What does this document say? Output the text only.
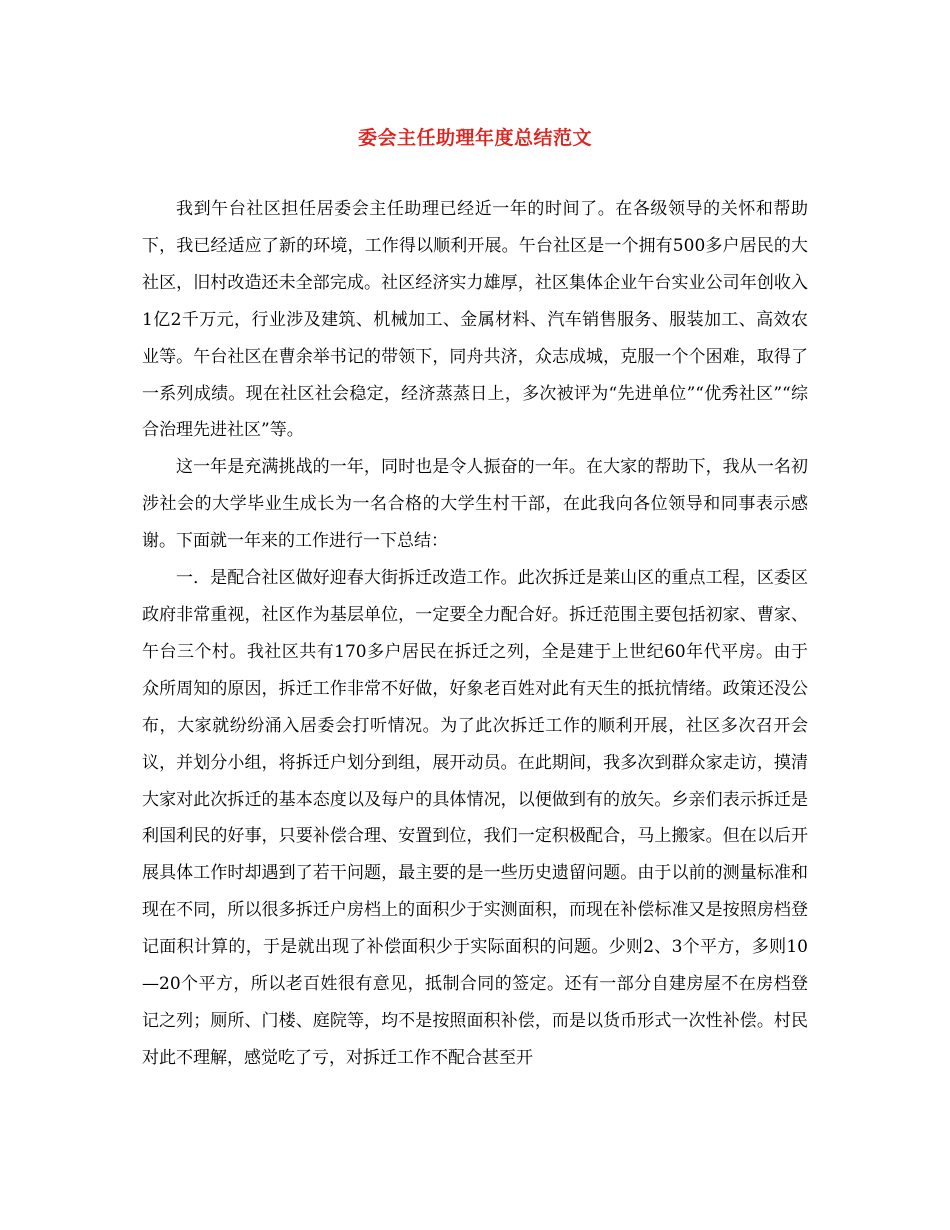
委会主任助理年度总结范文

我到午台社区担任居委会主任助理已经近一年的时间了。在各级领导的关怀和帮助下，我已经适应了新的环境，工作得以顺利开展。午台社区是一个拥有500多户居民的大社区，旧村改造还未全部完成。社区经济实力雄厚，社区集体企业午台实业公司年创收入1亿2千万元，行业涉及建筑、机械加工、金属材料、汽车销售服务、服装加工、高效农业等。午台社区在曹余举书记的带领下，同舟共济，众志成城，克服一个个困难，取得了一系列成绩。现在社区社会稳定，经济蒸蒸日上，多次被评为“先进单位”“优秀社区”“综合治理先进社区”等。

这一年是充满挑战的一年，同时也是令人振奋的一年。在大家的帮助下，我从一名初涉社会的大学毕业生成长为一名合格的大学生村干部，在此我向各位领导和同事表示感谢。下面就一年来的工作进行一下总结：

一．是配合社区做好迎春大街拆迁改造工作。此次拆迁是莱山区的重点工程，区委区政府非常重视，社区作为基层单位，一定要全力配合好。拆迁范围主要包括初家、曹家、午台三个村。我社区共有170多户居民在拆迁之列，全是建于上世纪60年代平房。由于众所周知的原因，拆迁工作非常不好做，好象老百姓对此有天生的抵抗情绪。政策还没公布，大家就纷纷涌入居委会打听情况。为了此次拆迁工作的顺利开展，社区多次召开会议，并划分小组，将拆迁户划分到组，展开动员。在此期间，我多次到群众家走访，摸清大家对此次拆迁的基本态度以及每户的具体情况，以便做到有的放矢。乡亲们表示拆迁是利国利民的好事，只要补偿合理、安置到位，我们一定积极配合，马上搬家。但在以后开展具体工作时却遇到了若干问题，最主要的是一些历史遗留问题。由于以前的测量标准和现在不同，所以很多拆迁户房档上的面积少于实测面积，而现在补偿标准又是按照房档登记面积计算的，于是就出现了补偿面积少于实际面积的问题。少则2、3个平方，多则10—20个平方，所以老百姓很有意见，抵制合同的签定。还有一部分自建房屋不在房档登记之列；厕所、门楼、庭院等，均不是按照面积补偿，而是以货币形式一次性补偿。村民对此不理解，感觉吃了亏，对拆迁工作不配合甚至开
